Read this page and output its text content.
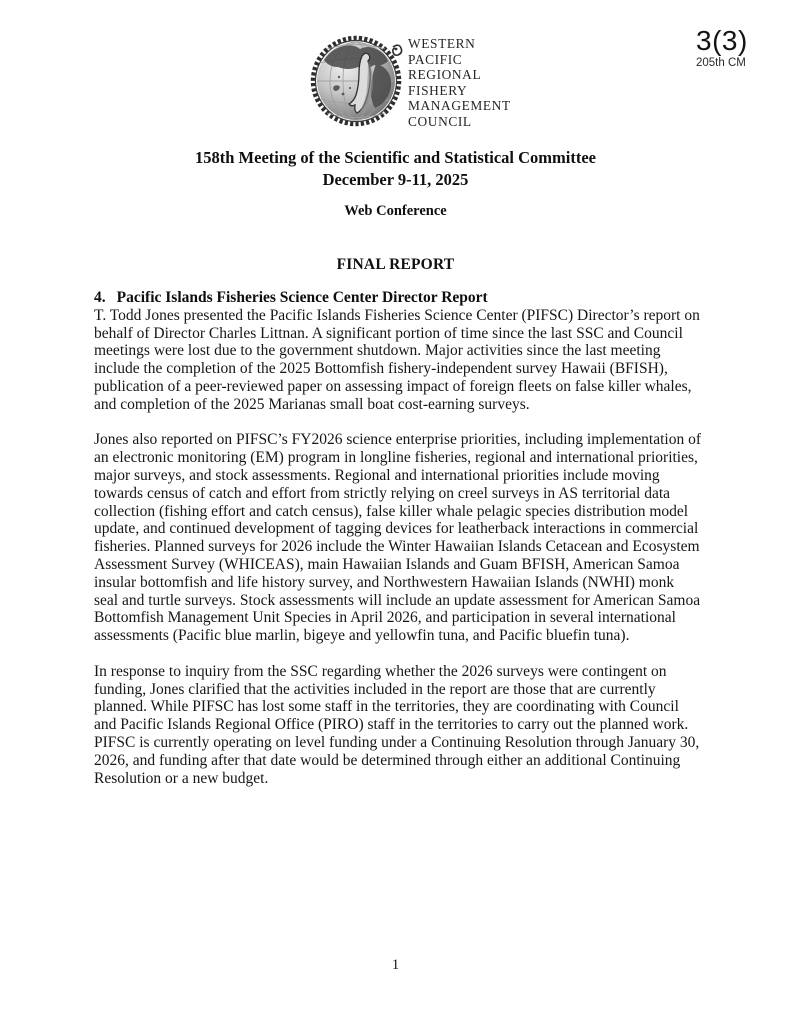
WESTERN
PACIFIC
REGIONAL
FISHERY
MANAGEMENT
COUNCIL
3(3)
205th CM
158th Meeting of the Scientific and Statistical Committee
December 9-11, 2025
Web Conference
FINAL REPORT
4. Pacific Islands Fisheries Science Center Director Report

T. Todd Jones presented the Pacific Islands Fisheries Science Center (PIFSC) Director’s report on behalf of Director Charles Littnan. A significant portion of time since the last SSC and Council meetings were lost due to the government shutdown. Major activities since the last meeting include the completion of the 2025 Bottomfish fishery-independent survey Hawaii (BFISH), publication of a peer-reviewed paper on assessing impact of foreign fleets on false killer whales, and completion of the 2025 Marianas small boat cost-earning surveys.

Jones also reported on PIFSC’s FY2026 science enterprise priorities, including implementation of an electronic monitoring (EM) program in longline fisheries, regional and international priorities, major surveys, and stock assessments. Regional and international priorities include moving towards census of catch and effort from strictly relying on creel surveys in AS territorial data collection (fishing effort and catch census), false killer whale pelagic species distribution model update, and continued development of tagging devices for leatherback interactions in commercial fisheries. Planned surveys for 2026 include the Winter Hawaiian Islands Cetacean and Ecosystem Assessment Survey (WHICEAS), main Hawaiian Islands and Guam BFISH, American Samoa insular bottomfish and life history survey, and Northwestern Hawaiian Islands (NWHI) monk seal and turtle surveys. Stock assessments will include an update assessment for American Samoa Bottomfish Management Unit Species in April 2026, and participation in several international assessments (Pacific blue marlin, bigeye and yellowfin tuna, and Pacific bluefin tuna).

In response to inquiry from the SSC regarding whether the 2026 surveys were contingent on funding, Jones clarified that the activities included in the report are those that are currently planned. While PIFSC has lost some staff in the territories, they are coordinating with Council and Pacific Islands Regional Office (PIRO) staff in the territories to carry out the planned work. PIFSC is currently operating on level funding under a Continuing Resolution through January 30, 2026, and funding after that date would be determined through either an additional Continuing Resolution or a new budget.

1
